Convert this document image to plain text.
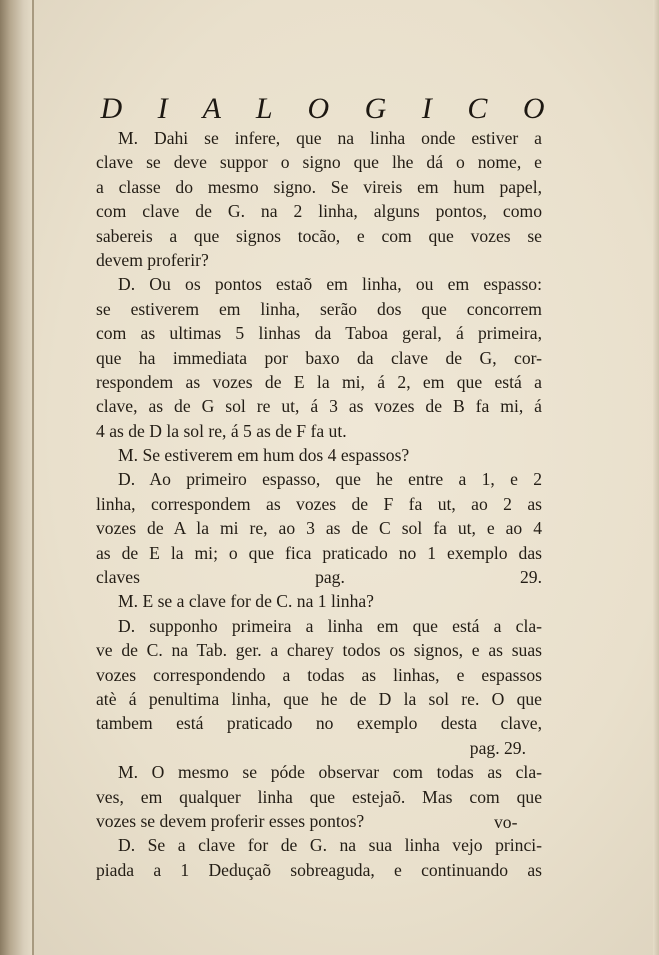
D I A L O G I C O
M. Dahi se infere, que na linha onde estiver a
clave se deve suppor o signo que lhe dá o nome, e
a classe do mesmo signo. Se vireis em hum papel,
com clave de G. na 2 linha, alguns pontos, como
sabereis a que signos tocão, e com que vozes se
devem proferir?
D. Ou os pontos estaõ em linha, ou em espasso:
se estiverem em linha, serão dos que concorrem
com as ultimas 5 linhas da Taboa geral, á primeira,
que ha immediata por baxo da clave de G, cor-
respondem as vozes de E la mi, á 2, em que está a
clave, as de G sol re ut, á 3 as vozes de B fa mi, á
4 as de D la sol re, á 5 as de F fa ut.
M. Se estiverem em hum dos 4 espassos?
D. Ao primeiro espasso, que he entre a 1, e 2
linha, correspondem as vozes de F fa ut, ao 2 as
vozes de A la mi re, ao 3 as de C sol fa ut, e ao 4
as de E la mi; o que fica praticado no 1 exemplo das
claves pag. 29.
M. E se a clave for de C. na 1 linha?
D. supponho primeira a linha em que está a cla-
ve de C. na Tab. ger. a charey todos os signos, e as suas
vozes correspondendo a todas as linhas, e espassos
atè á penultima linha, que he de D la sol re. O que
tambem está praticado no exemplo desta clave,
pag. 29.
M. O mesmo se póde observar com todas as cla-
ves, em qualquer linha que estejaõ. Mas com que
vozes se devem proferir esses pontos?
D. Se a clave for de G. na sua linha vejo princi-
piada a 1 Deduçaõ sobreaguda, e continuando as
vo-
